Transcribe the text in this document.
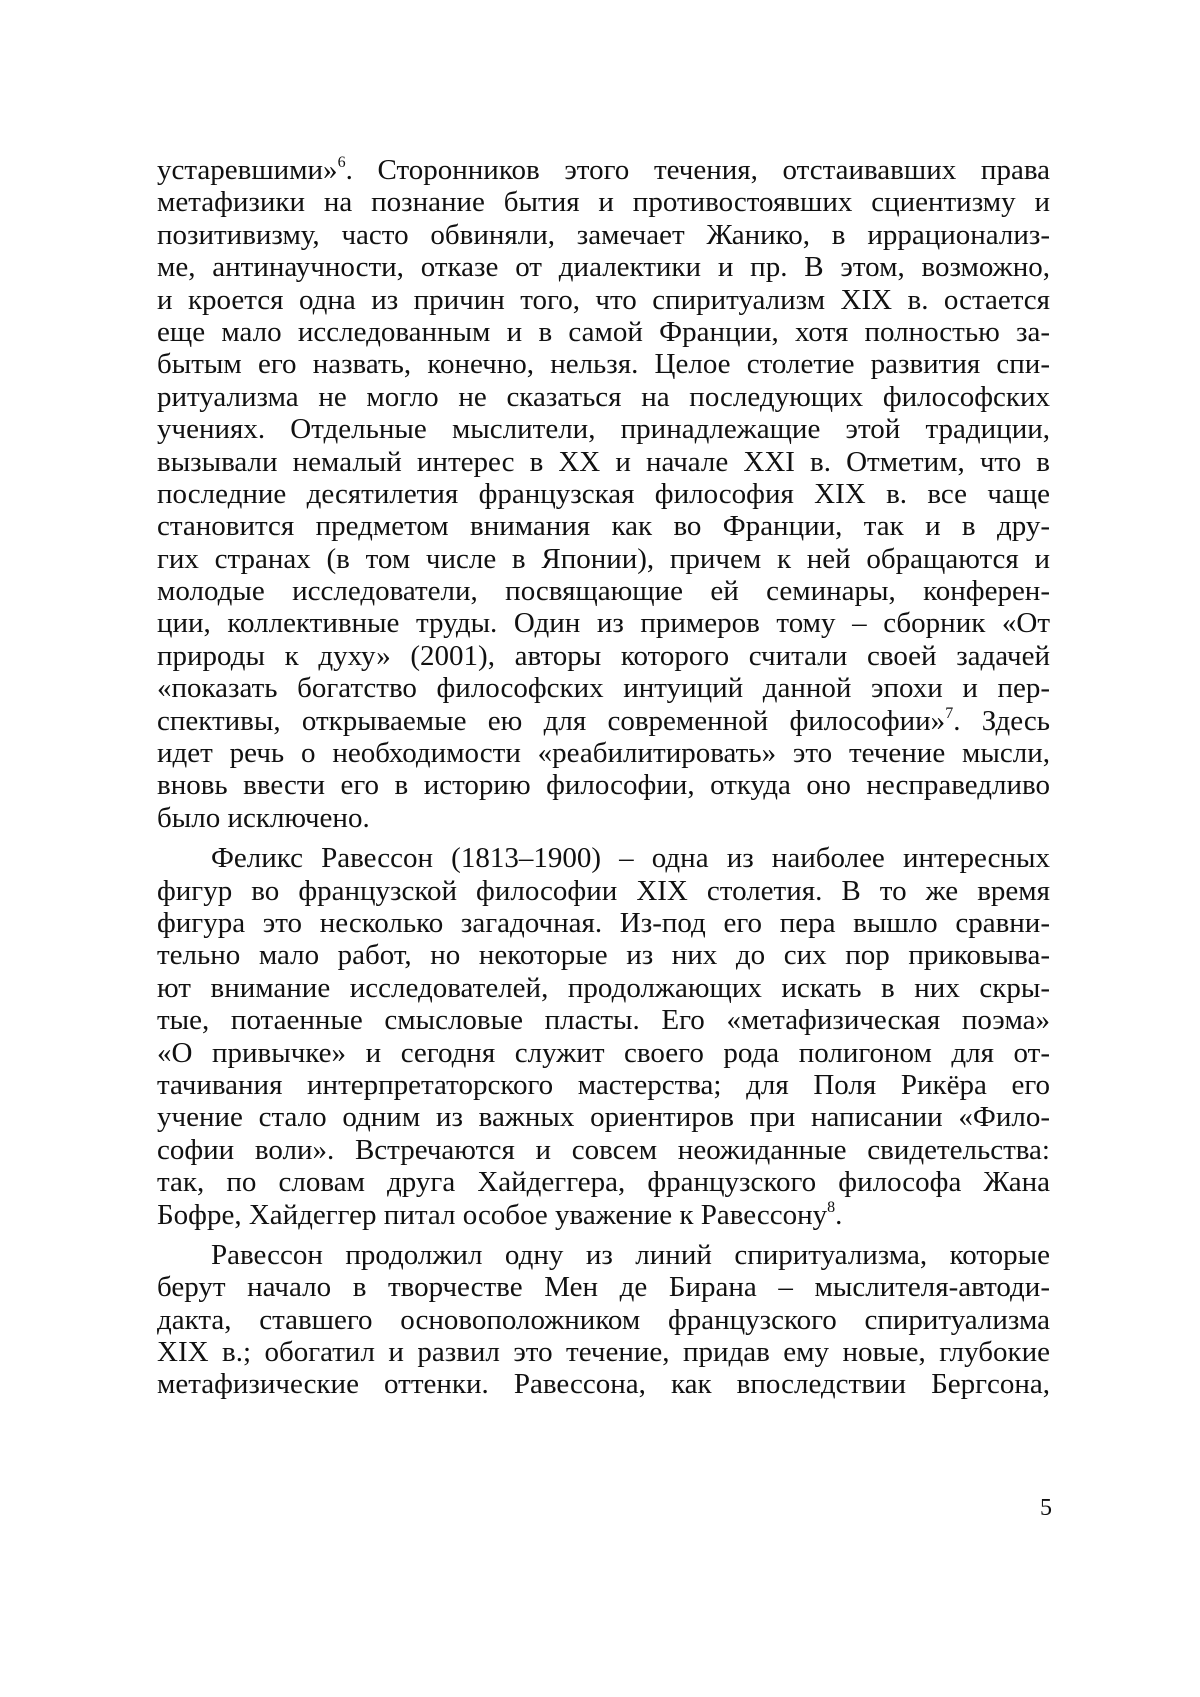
устаревшими»$^6$. Сторонников этого течения, отстаивавших права
метафизики на познание бытия и противостоявших сциентизму и
позитивизму, часто обвиняли, замечает Жанико, в иррационализ-
ме, антинаучности, отказе от диалектики и пр. В этом, возможно,
и кроется одна из причин того, что спиритуализм XIX в. остается
еще мало исследованным и в самой Франции, хотя полностью за-
бытым его назвать, конечно, нельзя. Целое столетие развития спи-
ритуализма не могло не сказаться на последующих философских
учениях. Отдельные мыслители, принадлежащие этой традиции,
вызывали немалый интерес в XX и начале XXI в. Отметим, что в
последние десятилетия французская философия XIX в. все чаще
становится предметом внимания как во Франции, так и в дру-
гих странах (в том числе в Японии), причем к ней обращаются и
молодые исследователи, посвящающие ей семинары, конферен-
ции, коллективные труды. Один из примеров тому – сборник «От
природы к духу» (2001), авторы которого считали своей задачей
«показать богатство философских интуиций данной эпохи и пер-
спективы, открываемые ею для современной философии»$^7$. Здесь
идет речь о необходимости «реабилитировать» это течение мысли,
вновь ввести его в историю философии, откуда оно несправедливо
было исключено.
Феликс Равессон (1813–1900) – одна из наиболее интересных
фигур во французской философии XIX столетия. В то же время
фигура это несколько загадочная. Из-под его пера вышло сравни-
тельно мало работ, но некоторые из них до сих пор приковыва-
ют внимание исследователей, продолжающих искать в них скры-
тые, потаенные смысловые пласты. Его «метафизическая поэма»
«О привычке» и сегодня служит своего рода полигоном для от-
тачивания интерпретаторского мастерства; для Поля Рикёра его
учение стало одним из важных ориентиров при написании «Фило-
софии воли». Встречаются и совсем неожиданные свидетельства:
так, по словам друга Хайдеггера, французского философа Жана
Бофре, Хайдеггер питал особое уважение к Равессону$^8$.
Равессон продолжил одну из линий спиритуализма, которые
берут начало в творчестве Мен де Бирана – мыслителя-автоди-
дакта, ставшего основоположником французского спиритуализма
XIX в.; обогатил и развил это течение, придав ему новые, глубокие
метафизические оттенки. Равессона, как впоследствии Бергсона,
5
